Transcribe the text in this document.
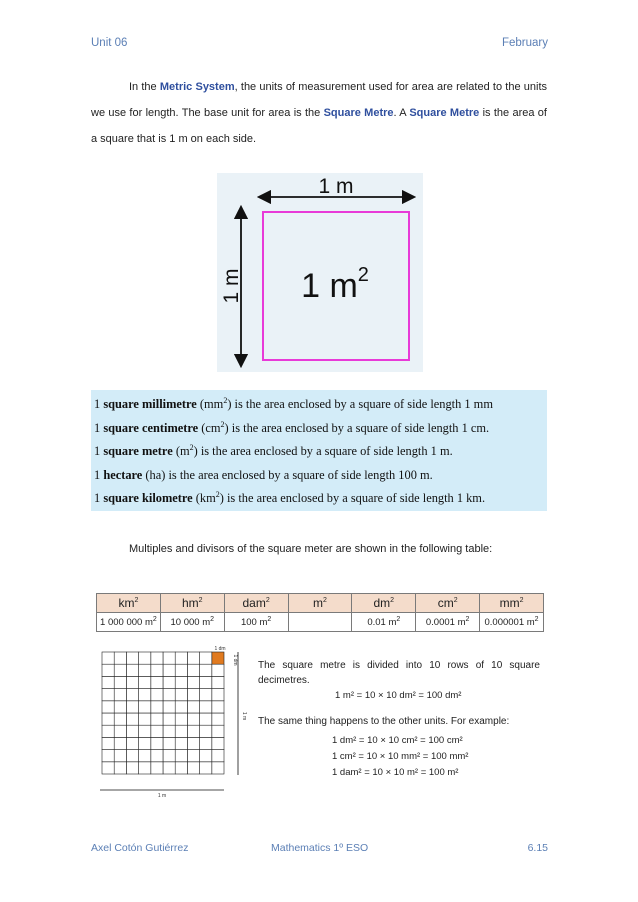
Unit 06	February
In the Metric System, the units of measurement used for area are related to the units we use for length. The base unit for area is the Square Metre. A Square Metre is the area of a square that is 1 m on each side.
1 m
1 m 1 $m^2$
1 square millimetre $(mm^2)$ is the area enclosed by a square of side length 1 mm
1 square centimetre $(cm^2)$ is the area enclosed by a square of side length 1 cm.
1 square metre $(m^2)$ is the area enclosed by a square of side length 1 m.
1 hectare (ha) is the area enclosed by a square of side length 100 m.
1 square kilometre $(km^2)$ is the area enclosed by a square of side length 1 km.
Multiples and divisors of the square meter are shown in the following table:
$km^2$	$hm^2$	dam$^2$	$m^2$	$dm^2$	$cm^2$	$mm^2$
1 000 000 $m^2$	10 000 $m^2$	100 $m^2$		0.01 $m^2$	0.0001 $m^2$	0.000001 $m^2$
1 dm
1 dm
1 m
1 m
The square metre is divided into 10 rows of 10 square decimetres.
1 m² = 10 × 10 dm² = 100 dm²
The same thing happens to the other units. For example:
1 dm² = 10 × 10 cm² = 100 cm²
1 cm² = 10 × 10 mm² = 100 mm²
1 dam² = 10 × 10 m² = 100 m²
Axel Cotón Gutiérrez	Mathematics 1º ESO	6.15
